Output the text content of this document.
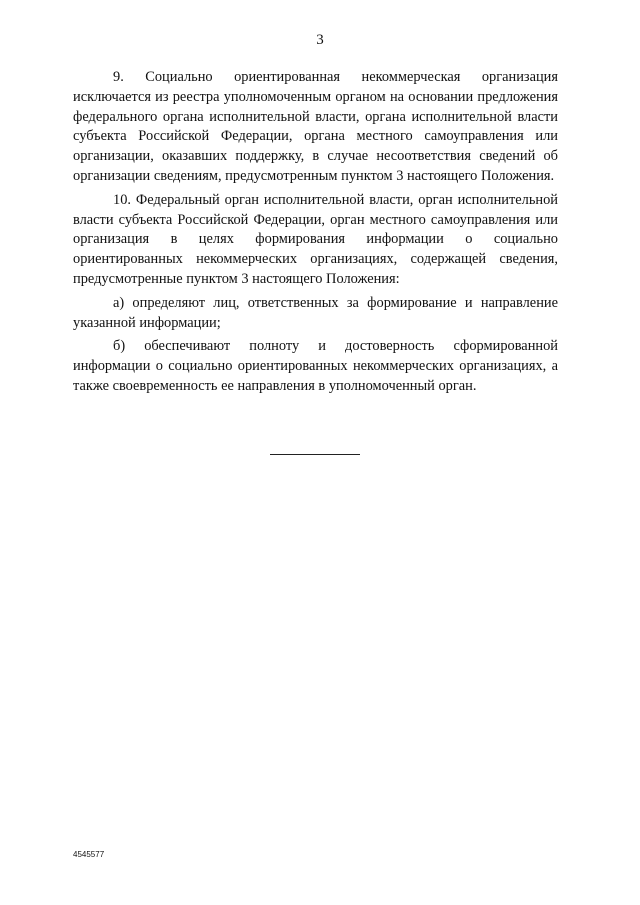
3

9. Социально ориентированная некоммерческая организация исключается из реестра уполномоченным органом на основании предложения федерального органа исполнительной власти, органа исполнительной власти субъекта Российской Федерации, органа местного самоуправления или организации, оказавших поддержку, в случае несоответствия сведений об организации сведениям, предусмотренным пунктом 3 настоящего Положения.

10. Федеральный орган исполнительной власти, орган исполнительной власти субъекта Российской Федерации, орган местного самоуправления или организация в целях формирования информации о социально ориентированных некоммерческих организациях, содержащей сведения, предусмотренные пунктом 3 настоящего Положения:

а) определяют лиц, ответственных за формирование и направление указанной информации;

б) обеспечивают полноту и достоверность сформированной информации о социально ориентированных некоммерческих организациях, а также своевременность ее направления в уполномоченный орган.

4545577
